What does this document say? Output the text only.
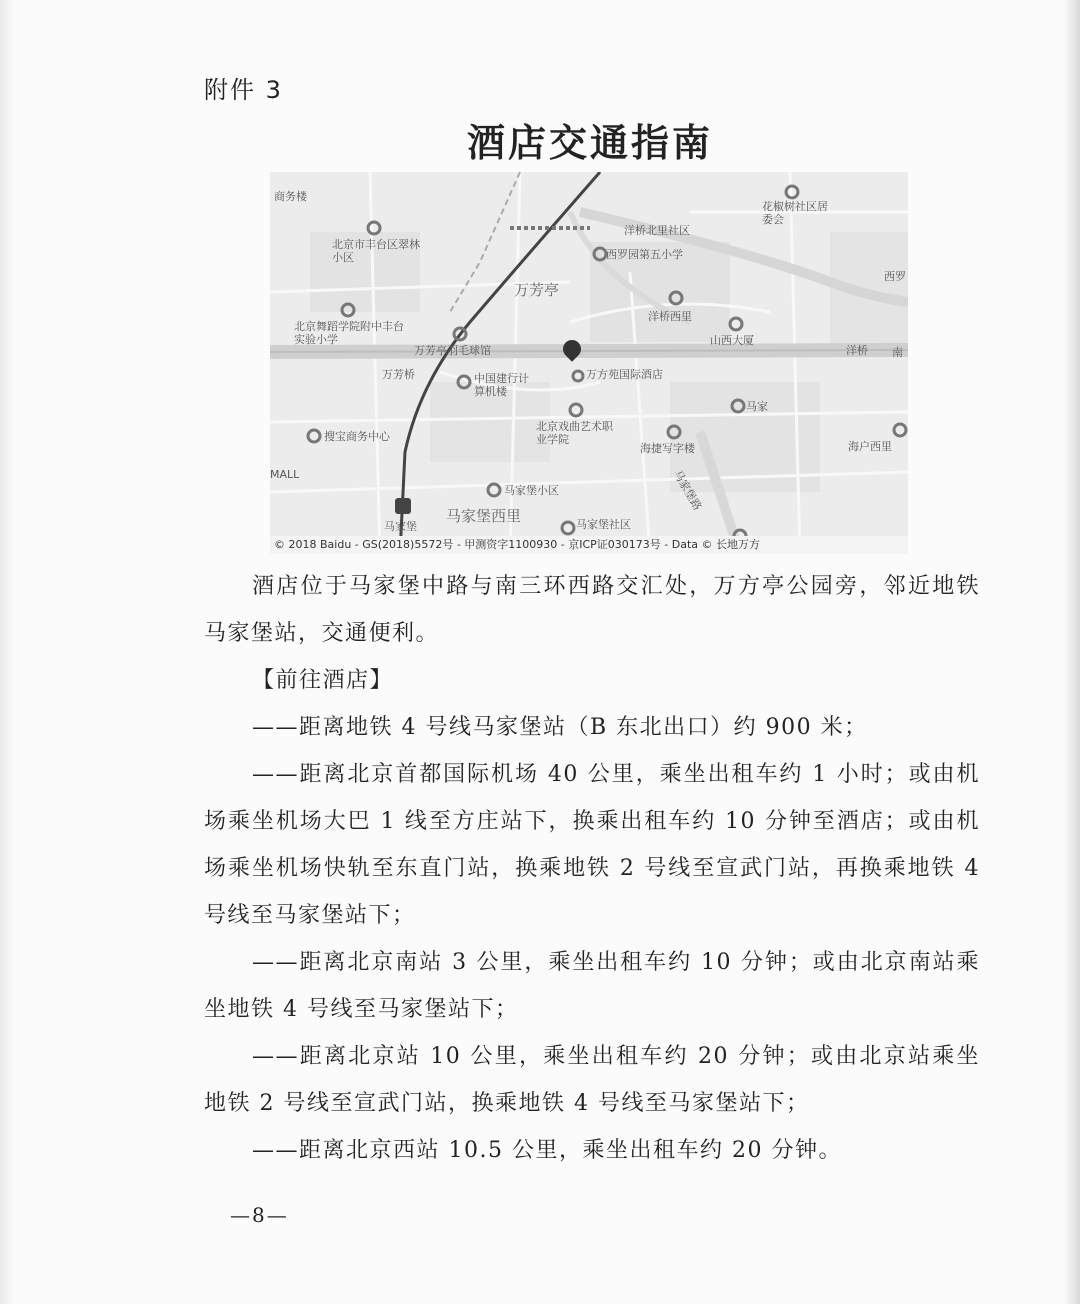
附件 3
酒店交通指南
商务楼
北京市丰台区翠林小区
北京舞蹈学院附中丰台实验小学
万芳亭羽毛球馆
万芳桥	中国建行计算机楼
搜宝商务中心
MALL
马家堡
马家堡西里
马家堡小区
万芳亭
洋桥北里社区
西罗园第五小学
花椒树社区居委会
西罗
洋桥西里
山西大厦
洋桥 南
万方苑国际酒店
北京戏曲艺术职业学院
海捷写字楼
马家
海户西里
马家堡社区
马家堡路
© 2018 Baidu - GS(2018)5572号 - 甲测资字1100930 - 京ICP证030173号 - Data © 长地万方

酒店位于马家堡中路与南三环西路交汇处，万方亭公园旁，邻近地铁马家堡站，交通便利。

【前往酒店】

——距离地铁 4 号线马家堡站（B 东北出口）约 900 米；

——距离北京首都国际机场 40 公里，乘坐出租车约 1 小时；或由机场乘坐机场大巴 1 线至方庄站下，换乘出租车约 10 分钟至酒店；或由机场乘坐机场快轨至东直门站，换乘地铁 2 号线至宣武门站，再换乘地铁 4 号线至马家堡站下；

——距离北京南站 3 公里，乘坐出租车约 10 分钟；或由北京南站乘坐地铁 4 号线至马家堡站下；

——距离北京站 10 公里，乘坐出租车约 20 分钟；或由北京站乘坐地铁 2 号线至宣武门站，换乘地铁 4 号线至马家堡站下；

——距离北京西站 10.5 公里，乘坐出租车约 20 分钟。

—8—
